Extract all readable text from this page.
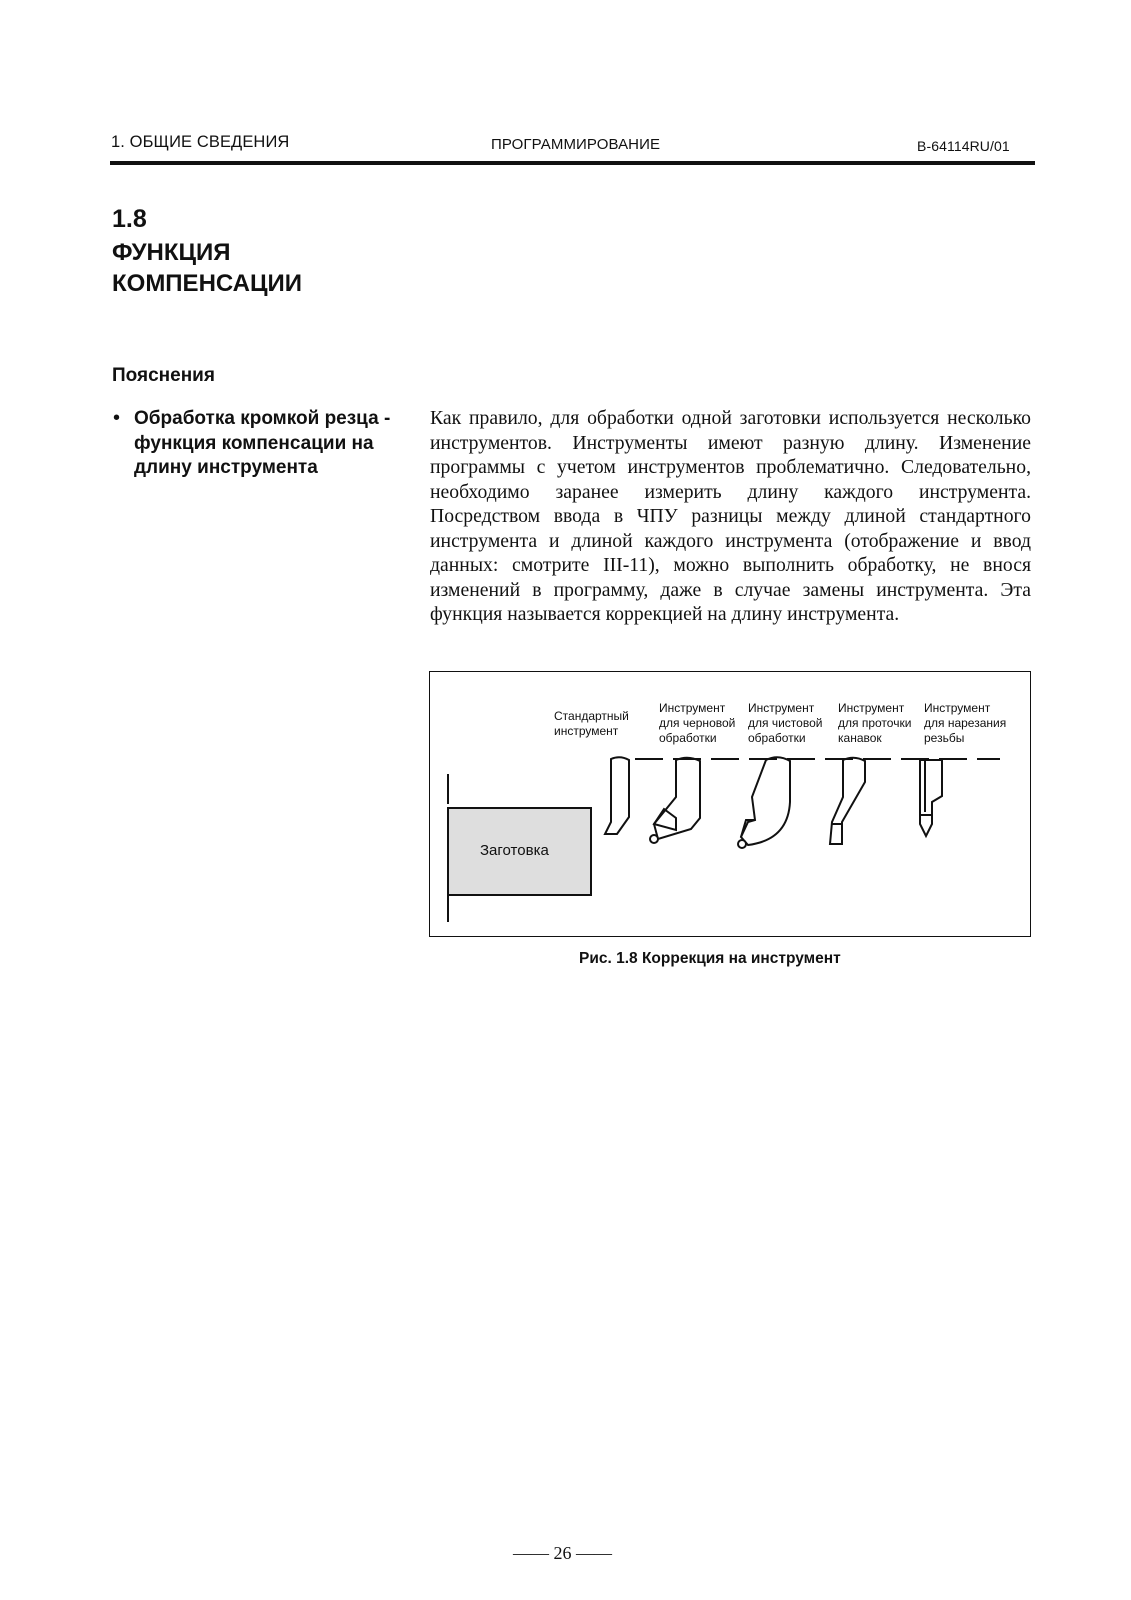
1. ОБЩИЕ СВЕДЕНИЯ	ПРОГРАММИРОВАНИЕ	B-64114RU/01
1.8
ФУНКЦИЯ КОМПЕНСАЦИИ
Пояснения
• Обработка кромкой резца - функция компенсации на длину инструмента
Как правило, для обработки одной заготовки используется несколько инструментов. Инструменты имеют разную длину. Изменение программы с учетом инструментов проблематично. Следовательно, необходимо заранее измерить длину каждого инструмента. Посредством ввода в ЧПУ разницы между длиной стандартного инструмента и длиной каждого инструмента (отображение и ввод данных: смотрите III-11), можно выполнить обработку, не внося изменений в программу, даже в случае замены инструмента. Эта функция называется коррекцией на длину инструмента.
Стандартный
инструмент
Инструмент
для черновой
обработки
Инструмент
для чистовой
обработки
Инструмент
для проточки
канавок
Инструмент
для нарезания
резьбы
Заготовка
Рис. 1.8 Коррекция на инструмент
—— 26 ——
